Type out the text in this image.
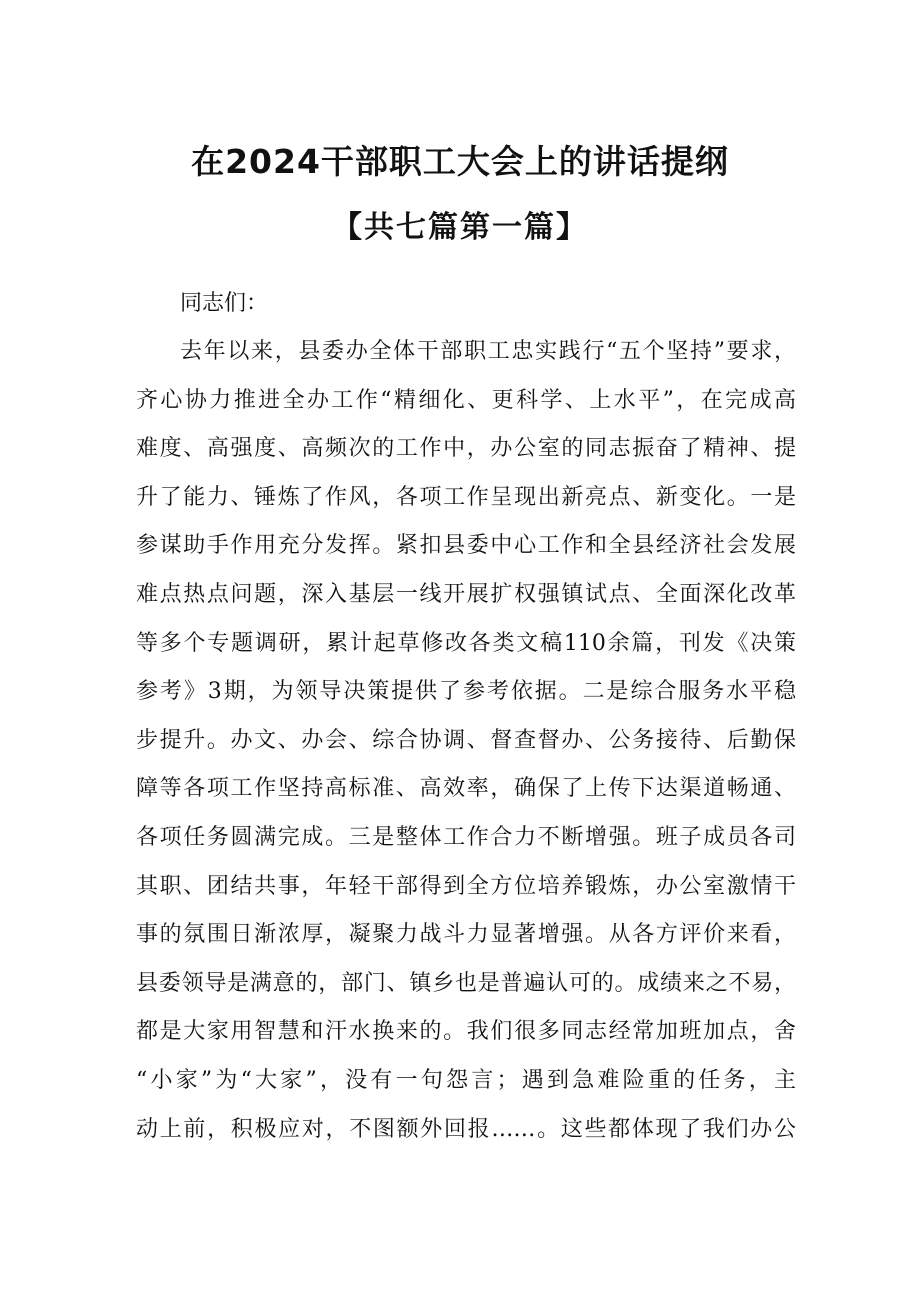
在2024干部职工大会上的讲话提纲
【共七篇第一篇】
同志们：
去年以来，县委办全体干部职工忠实践行“五个坚持”要求，
齐心协力推进全办工作“精细化、更科学、上水平”，在完成高
难度、高强度、高频次的工作中，办公室的同志振奋了精神、提
升了能力、锤炼了作风，各项工作呈现出新亮点、新变化。一是
参谋助手作用充分发挥。紧扣县委中心工作和全县经济社会发展
难点热点问题，深入基层一线开展扩权强镇试点、全面深化改革
等多个专题调研，累计起草修改各类文稿110余篇，刊发《决策
参考》3期，为领导决策提供了参考依据。二是综合服务水平稳
步提升。办文、办会、综合协调、督查督办、公务接待、后勤保
障等各项工作坚持高标准、高效率，确保了上传下达渠道畅通、
各项任务圆满完成。三是整体工作合力不断增强。班子成员各司
其职、团结共事，年轻干部得到全方位培养锻炼，办公室激情干
事的氛围日渐浓厚，凝聚力战斗力显著增强。从各方评价来看，
县委领导是满意的，部门、镇乡也是普遍认可的。成绩来之不易，
都是大家用智慧和汗水换来的。我们很多同志经常加班加点，舍
“小家”为“大家”，没有一句怨言；遇到急难险重的任务，主
动上前，积极应对，不图额外回报……。这些都体现了我们办公
